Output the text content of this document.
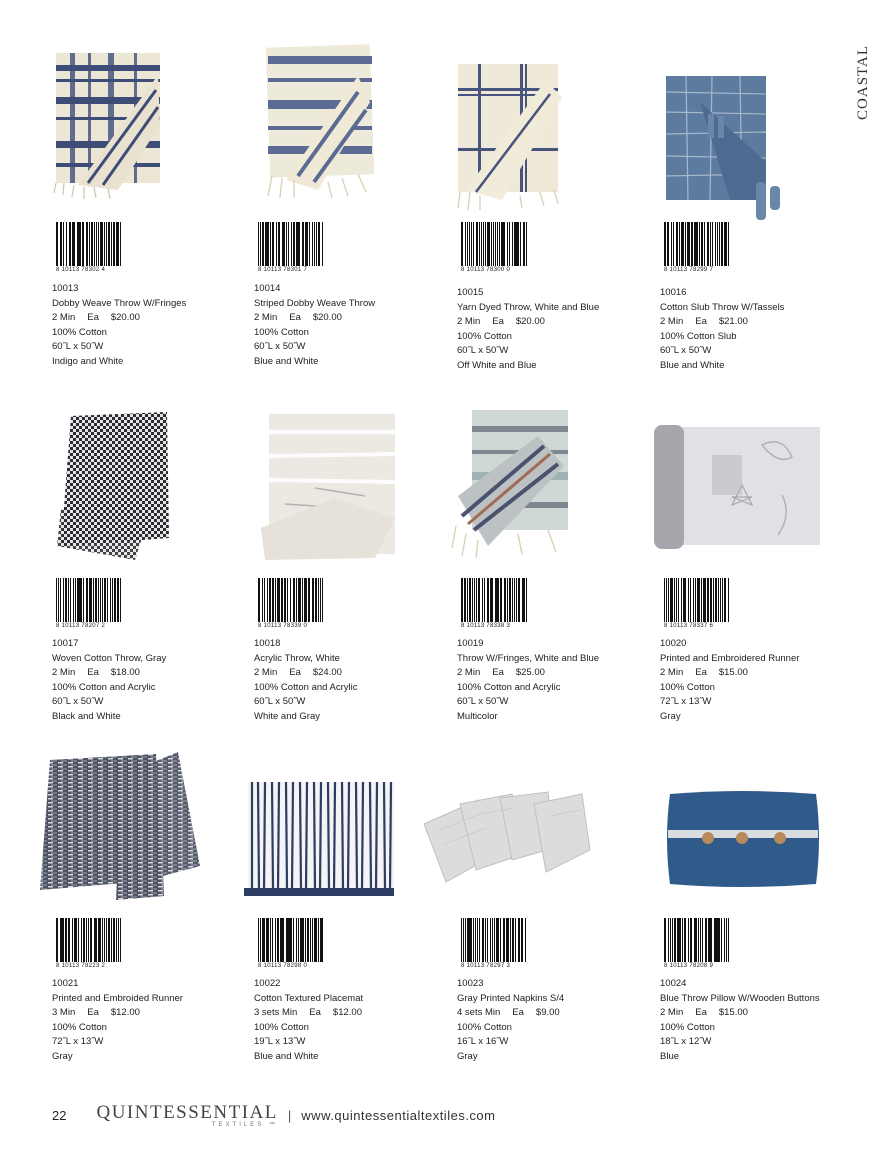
COASTAL
8 10113 78302 4
10013
Dobby Weave Throw W/Fringes
2 Min Ea $20.00
100% Cotton
60˝L x 50˝W
Indigo and White
8 10113 78301 7
10014
Striped Dobby Weave Throw
2 Min Ea $20.00
100% Cotton
60˝L x 50˝W
Blue and White
8 10113 78300 0
10015
Yarn Dyed Throw, White and Blue
2 Min Ea $20.00
100% Cotton
60˝L x 50˝W
Off White and Blue
8 10113 78299 7
10016
Cotton Slub Throw W/Tassels
2 Min Ea $21.00
100% Cotton Slub
60˝L x 50˝W
Blue and White
8 10113 78207 2
10017
Woven Cotton Throw, Gray
2 Min Ea $18.00
100% Cotton and Acrylic
60˝L x 50˝W
Black and White
8 10113 78339 0
10018
Acrylic Throw, White
2 Min Ea $24.00
100% Cotton and Acrylic
60˝L x 50˝W
White and Gray
8 10113 78338 3
10019
Throw W/Fringes, White and Blue
2 Min Ea $25.00
100% Cotton and Acrylic
60˝L x 50˝W
Multicolor
8 10113 78337 6
10020
Printed and Embroidered Runner
2 Min Ea $15.00
100% Cotton
72˝L x 13˝W
Gray
8 10113 78223 2
10021
Printed and Embroided Runner
3 Min Ea $12.00
100% Cotton
72˝L x 13˝W
Gray
8 10113 78298 0
10022
Cotton Textured Placemat
3 sets Min Ea $12.00
100% Cotton
19˝L x 13˝W
Blue and White
8 10113 78297 3
10023
Gray Printed Napkins S/4
4 sets Min Ea $9.00
100% Cotton
16˝L x 16˝W
Gray
8 10113 78208 9
10024
Blue Throw Pillow W/Wooden Buttons
2 Min Ea $15.00
100% Cotton
18˝L x 12˝W
Blue
22 QUINTESSENTIAL
TEXTILES ™
| www.quintessentialtextiles.com
